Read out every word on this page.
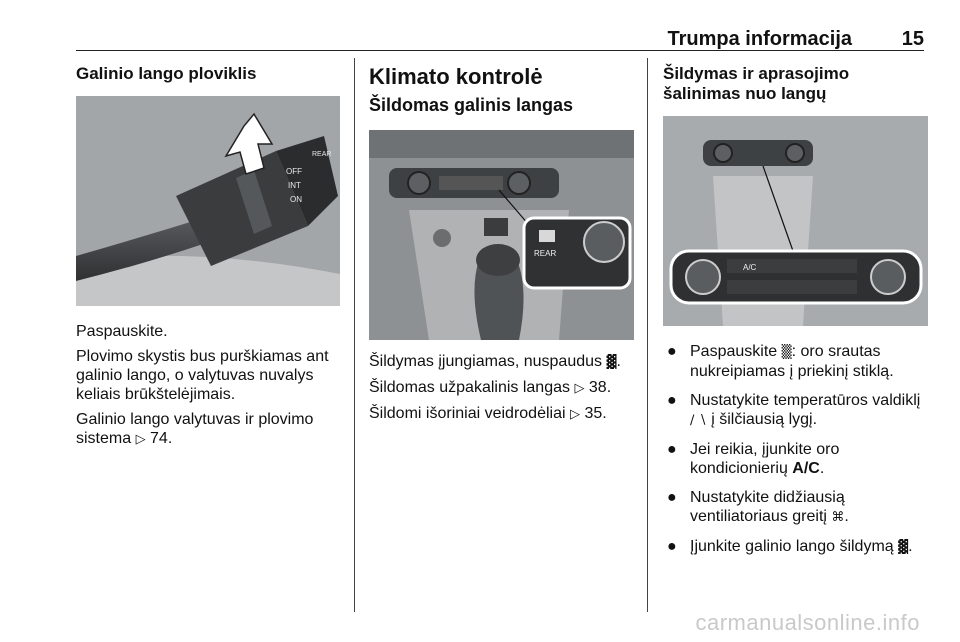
Trumpa informacija 15
Galinio lango ploviklis
OFF
INT
ON
REAR

Paspauskite.

Plovimo skystis bus purškiamas ant galinio lango, o valytuvas nuvalys keliais brūkštelėjimais.

Galinio lango valytuvas ir plovimo sistema ▷ 74.

Klimato kontrolė
Šildomas galinis langas
REAR

Šildymas įjungiamas, nuspaudus ▓.

Šildomas užpakalinis langas ▷ 38.

Šildomi išoriniai veidrodėliai ▷ 35.

Šildymas ir aprasojimo šalinimas nuo langų
A/C
● Paspauskite ▒: oro srautas nukreipiamas į priekinį stiklą.
● Nustatykite temperatūros valdiklį ∕ ∖ į šilčiausią lygį.
● Jei reikia, įjunkite oro kondicionierių A/C.
● Nustatykite didžiausią ventiliatoriaus greitį ⌘.
● Įjunkite galinio lango šildymą ▓.
carmanualsonline.info
